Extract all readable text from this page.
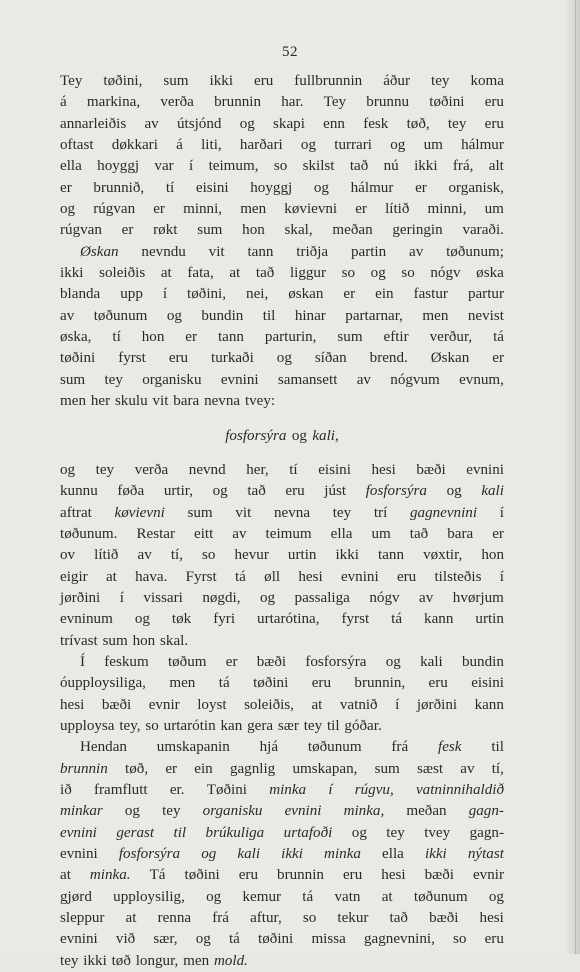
52
Tey tøðini, sum ikki eru fullbrunnin áður tey koma
á markina, verða brunnin har. Tey brunnu tøðini eru
annarleiðis av útsjónd og skapi enn fesk tøð, tey eru
oftast døkkari á liti, harðari og turrari og um hálmur
ella hoyggj var í teimum, so skilst tað nú ikki frá, alt
er brunnið, tí eisini hoyggj og hálmur er organisk,
og rúgvan er minni, men køvievni er lítið minni, um
rúgvan er røkt sum hon skal, meðan geringin varaði.
Øskan nevndu vit tann triðja partin av tøðunum;
ikki soleiðis at fata, at tað liggur so og so nógv øska
blanda upp í tøðini, nei, øskan er ein fastur partur
av tøðunum og bundin til hinar partarnar, men nevist
øska, tí hon er tann parturin, sum eftir verður, tá
tøðini fyrst eru turkaði og síðan brend. Øskan er
sum tey organisku evnini samansett av nógvum evnum,
men her skulu vit bara nevna tvey:
fosforsýra og kali,
og tey verða nevnd her, tí eisini hesi bæði evnini
kunnu føða urtir, og tað eru júst fosforsýra og kali
aftrat køvievni sum vit nevna tey trí gagnevnini í
tøðunum. Restar eitt av teimum ella um tað bara er
ov lítið av tí, so hevur urtin ikki tann vøxtir, hon
eigir at hava. Fyrst tá øll hesi evnini eru tilsteðis í
jørðini í vissari nøgdi, og passaliga nógv av hvørjum
evninum og tøk fyri urtarótina, fyrst tá kann urtin
trívast sum hon skal.
Í feskum tøðum er bæði fosforsýra og kali bundin
óupploysiliga, men tá tøðini eru brunnin, eru eisini
hesi bæði evnir loyst soleiðis, at vatnið í jørðini kann
upploysa tey, so urtarótin kan gera sær tey til góðar.
Hendan umskapanin hjá tøðunum frá fesk til
brunnin tøð, er ein gagnlig umskapan, sum sæst av tí,
ið framflutt er. Tøðini minka í rúgvu, vatninnihaldið
minkar og tey organisku evnini minka, meðan gagn-
evnini gerast til brúkuliga urtafoði og tey tvey gagn-
evnini fosforsýra og kali ikki minka ella ikki nýtast
at minka. Tá tøðini eru brunnin eru hesi bæði evnir
gjørd upploysilig, og kemur tá vatn at tøðunum og
sleppur at renna frá aftur, so tekur tað bæði hesi
evnini við sær, og tá tøðini missa gagnevnini, so eru
tey ikki tøð longur, men mold.
